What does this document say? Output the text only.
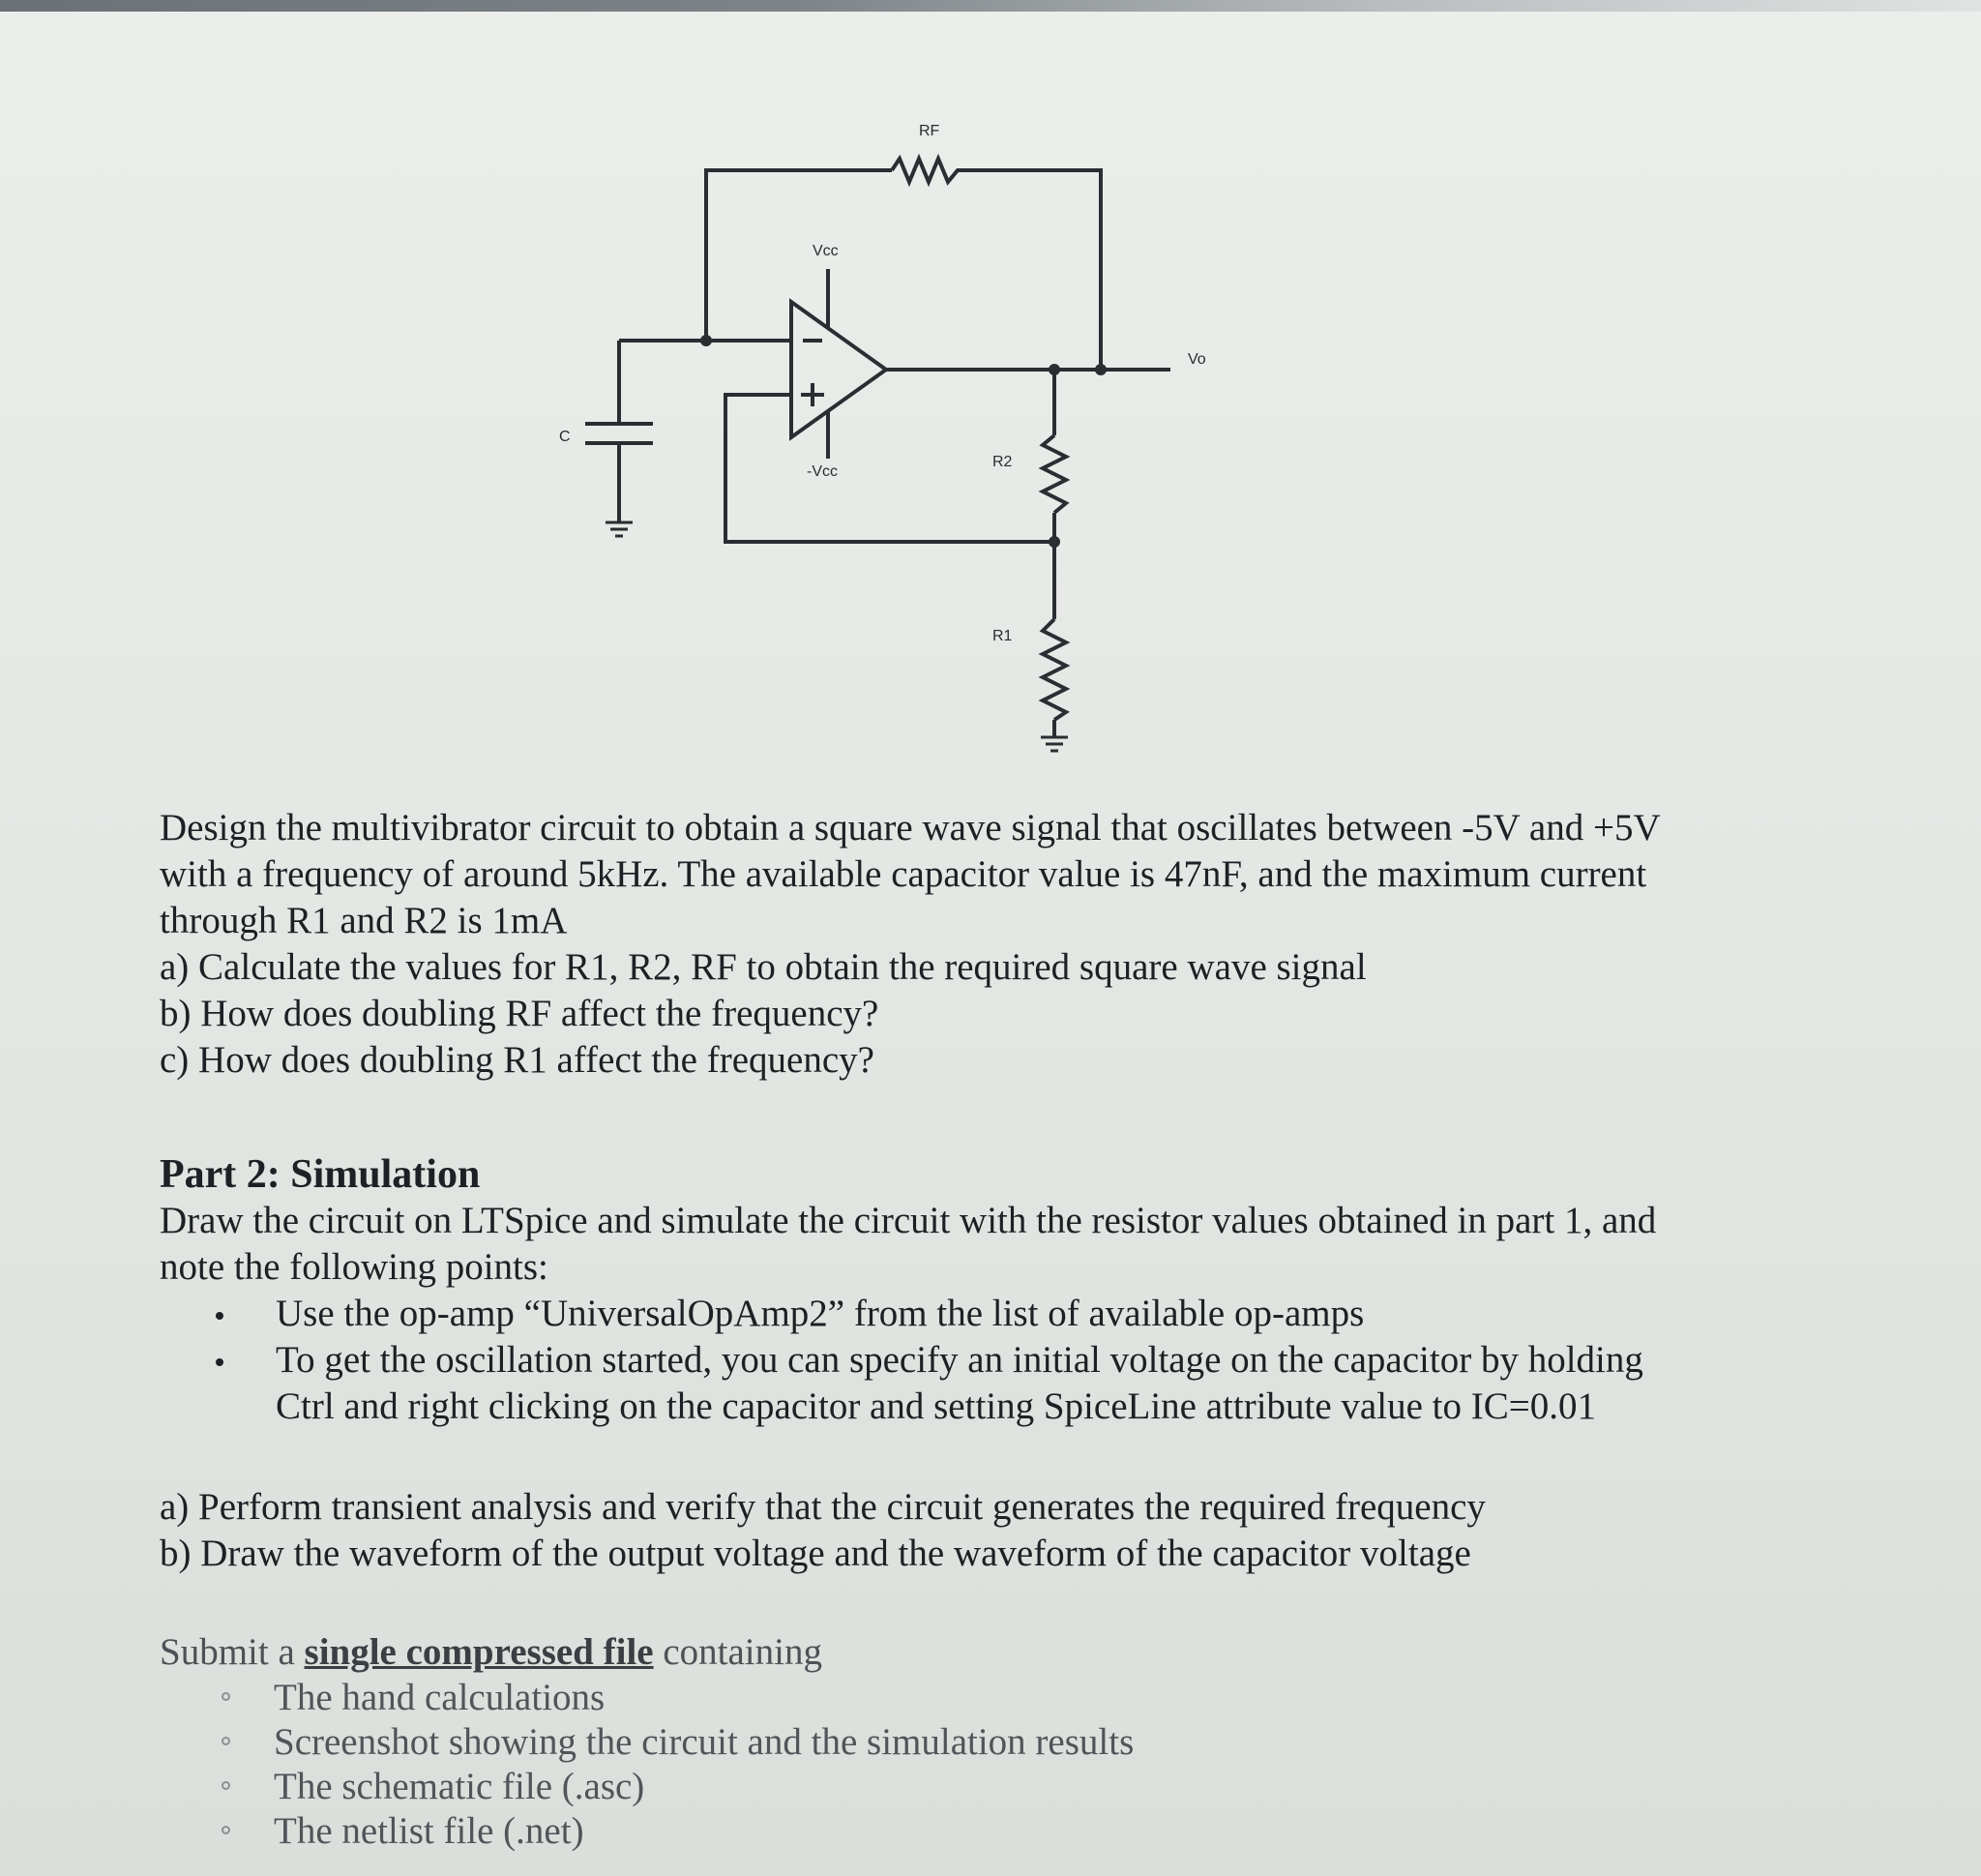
RF
Vcc
-Vcc
Vo
C
R2
R1

Design the multivibrator circuit to obtain a square wave signal that oscillates between -5V and +5V

with a frequency of around 5kHz. The available capacitor value is 47nF, and the maximum current

through R1 and R2 is 1mA

a) Calculate the values for R1, R2, RF to obtain the required square wave signal

b) How does doubling RF affect the frequency?

c) How does doubling R1 affect the frequency?

Part 2: Simulation

Draw the circuit on LTSpice and simulate the circuit with the resistor values obtained in part 1, and

note the following points:

Use the op-amp “UniversalOpAmp2” from the list of available op-amps
To get the oscillation started, you can specify an initial voltage on the capacitor by holding
Ctrl and right clicking on the capacitor and setting SpiceLine attribute value to IC=0.01

a) Perform transient analysis and verify that the circuit generates the required frequency

b) Draw the waveform of the output voltage and the waveform of the capacitor voltage

Submit a single compressed file containing

The hand calculations
Screenshot showing the circuit and the simulation results
The schematic file (.asc)
The netlist file (.net)
